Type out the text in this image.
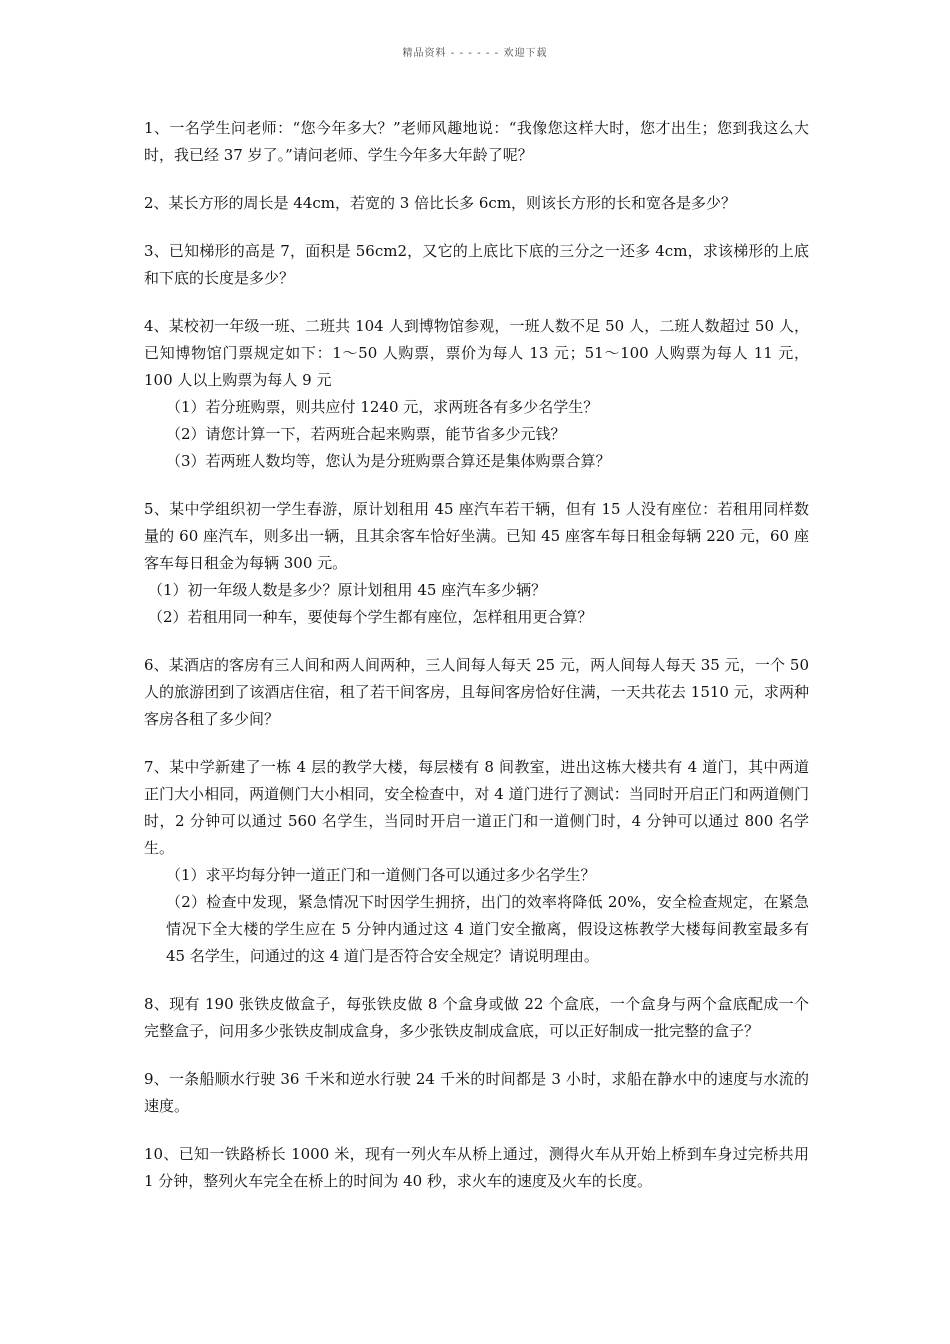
精品资料 - - - - - - 欢迎下载

1、一名学生问老师：“您今年多大？”老师风趣地说：“我像您这样大时，您才出生；您到我这么大时，我已经 37 岁了。”请问老师、学生今年多大年龄了呢？

2、某长方形的周长是 44cm，若宽的 3 倍比长多 6cm，则该长方形的长和宽各是多少？

3、已知梯形的高是 7，面积是 56cm2，又它的上底比下底的三分之一还多 4cm，求该梯形的上底和下底的长度是多少？

4、某校初一年级一班、二班共 104 人到博物馆参观，一班人数不足 50 人，二班人数超过 50 人，已知博物馆门票规定如下：1～50 人购票，票价为每人 13 元；51～100 人购票为每人 11 元，100 人以上购票为每人 9 元

（1）若分班购票，则共应付 1240 元，求两班各有多少名学生？

（2）请您计算一下，若两班合起来购票，能节省多少元钱？

（3）若两班人数均等，您认为是分班购票合算还是集体购票合算？

5、某中学组织初一学生春游，原计划租用 45 座汽车若干辆，但有 15 人没有座位：若租用同样数量的 60 座汽车，则多出一辆，且其余客车恰好坐满。已知 45 座客车每日租金每辆 220 元，60 座客车每日租金为每辆 300 元。

（1）初一年级人数是多少？原计划租用 45 座汽车多少辆？

（2）若租用同一种车，要使每个学生都有座位，怎样租用更合算？

6、某酒店的客房有三人间和两人间两种，三人间每人每天 25 元，两人间每人每天 35 元，一个 50 人的旅游团到了该酒店住宿，租了若干间客房，且每间客房恰好住满，一天共花去 1510 元，求两种客房各租了多少间？

7、某中学新建了一栋 4 层的教学大楼，每层楼有 8 间教室，进出这栋大楼共有 4 道门，其中两道正门大小相同，两道侧门大小相同，安全检查中，对 4 道门进行了测试：当同时开启正门和两道侧门时，2 分钟可以通过 560 名学生，当同时开启一道正门和一道侧门时，4 分钟可以通过 800 名学生。

（1）求平均每分钟一道正门和一道侧门各可以通过多少名学生？

（2）检查中发现，紧急情况下时因学生拥挤，出门的效率将降低 20%，安全检查规定，在紧急情况下全大楼的学生应在 5 分钟内通过这 4 道门安全撤离，假设这栋教学大楼每间教室最多有 45 名学生，问通过的这 4 道门是否符合安全规定？请说明理由。

8、现有 190 张铁皮做盒子，每张铁皮做 8 个盒身或做 22 个盒底，一个盒身与两个盒底配成一个完整盒子，问用多少张铁皮制成盒身，多少张铁皮制成盒底，可以正好制成一批完整的盒子？

9、一条船顺水行驶 36 千米和逆水行驶 24 千米的时间都是 3 小时，求船在静水中的速度与水流的速度。

10、已知一铁路桥长 1000 米，现有一列火车从桥上通过，测得火车从开始上桥到车身过完桥共用 1 分钟，整列火车完全在桥上的时间为 40 秒，求火车的速度及火车的长度。
